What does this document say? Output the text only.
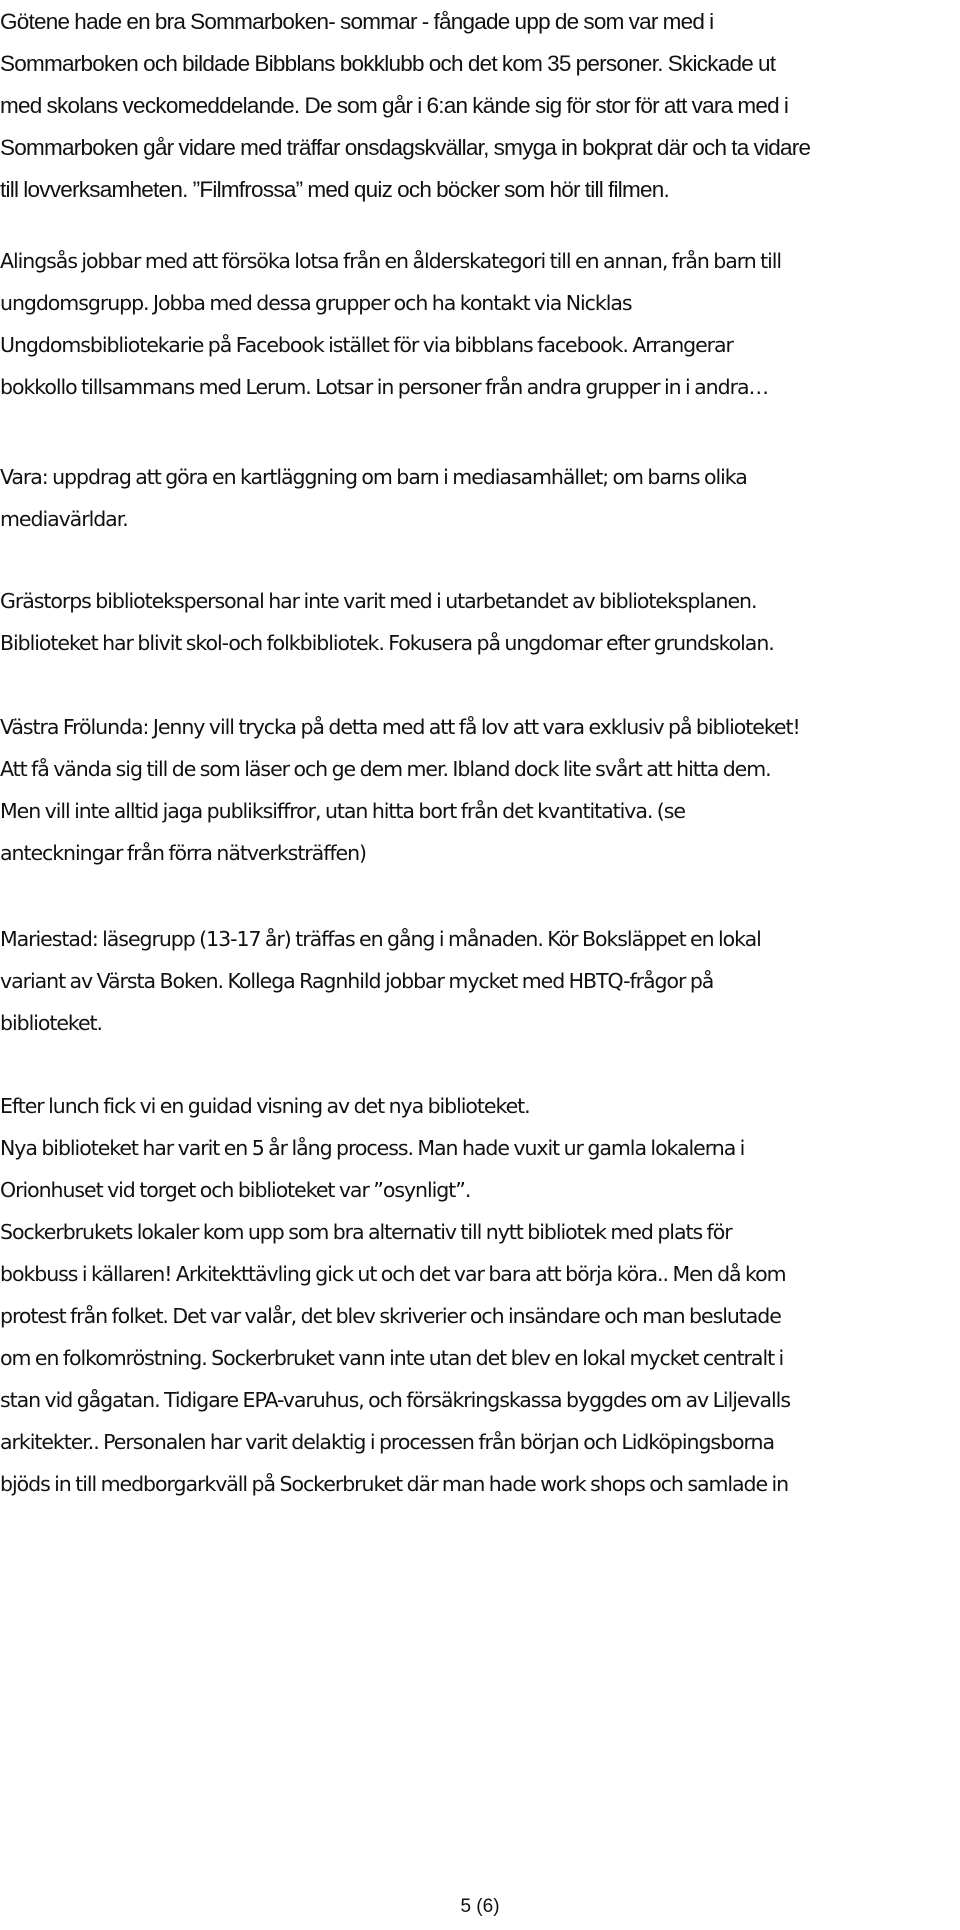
Götene hade en bra Sommarboken- sommar - fångade upp de som var med i
Sommarboken och bildade Bibblans bokklubb och det kom 35 personer. Skickade ut
med skolans veckomeddelande. De som går i 6:an kände sig för stor för att vara med i
Sommarboken går vidare med träffar onsdagskvällar, smyga in bokprat där och ta vidare
till lovverksamheten. ”Filmfrossa” med quiz och böcker som hör till filmen.
Alingsås jobbar med att försöka lotsa från en ålderskategori till en annan, från barn till
ungdomsgrupp. Jobba med dessa grupper och ha kontakt via Nicklas
Ungdomsbibliotekarie på Facebook istället för via bibblans facebook. Arrangerar
bokkollo tillsammans med Lerum. Lotsar in personer från andra grupper in i andra…
Vara: uppdrag att göra en kartläggning om barn i mediasamhället; om barns olika
mediavärldar.
Grästorps bibliotekspersonal har inte varit med i utarbetandet av biblioteksplanen.
Biblioteket har blivit skol-och folkbibliotek. Fokusera på ungdomar efter grundskolan.
Västra Frölunda: Jenny vill trycka på detta med att få lov att vara exklusiv på biblioteket!
Att få vända sig till de som läser och ge dem mer. Ibland dock lite svårt att hitta dem.
Men vill inte alltid jaga publiksiffror, utan hitta bort från det kvantitativa. (se
anteckningar från förra nätverksträffen)
Mariestad: läsegrupp (13-17 år) träffas en gång i månaden. Kör Boksläppet en lokal
variant av Värsta Boken. Kollega Ragnhild jobbar mycket med HBTQ-frågor på
biblioteket.
Efter lunch fick vi en guidad visning av det nya biblioteket.
Nya biblioteket har varit en 5 år lång process. Man hade vuxit ur gamla lokalerna i
Orionhuset vid torget och biblioteket var ”osynligt”.
Sockerbrukets lokaler kom upp som bra alternativ till nytt bibliotek med plats för
bokbuss i källaren! Arkitekttävling gick ut och det var bara att börja köra.. Men då kom
protest från folket. Det var valår, det blev skriverier och insändare och man beslutade
om en folkomröstning. Sockerbruket vann inte utan det blev en lokal mycket centralt i
stan vid gågatan. Tidigare EPA-varuhus, och försäkringskassa byggdes om av Liljevalls
arkitekter.. Personalen har varit delaktig i processen från början och Lidköpingsborna
bjöds in till medborgarkväll på Sockerbruket där man hade work shops och samlade in
5 (6)
